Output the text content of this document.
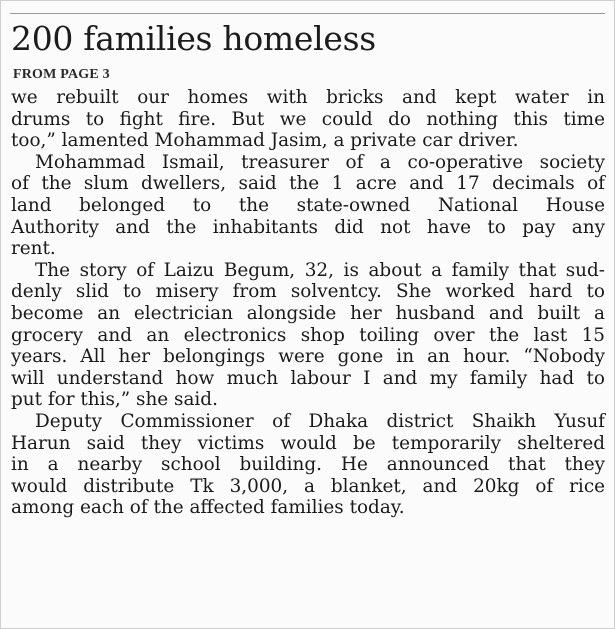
200 families homeless
FROM PAGE 3
we rebuilt our homes with bricks and kept water in
drums to fight fire. But we could do nothing this time
too,” lamented Mohammad Jasim, a private car driver.
Mohammad Ismail, treasurer of a co-operative society
of the slum dwellers, said the 1 acre and 17 decimals of
land belonged to the state-owned National House
Authority and the inhabitants did not have to pay any
rent.
The story of Laizu Begum, 32, is about a family that sud-
denly slid to misery from solventcy. She worked hard to
become an electrician alongside her husband and built a
grocery and an electronics shop toiling over the last 15
years. All her belongings were gone in an hour. “Nobody
will understand how much labour I and my family had to
put for this,” she said.
Deputy Commissioner of Dhaka district Shaikh Yusuf
Harun said they victims would be temporarily sheltered
in a nearby school building. He announced that they
would distribute Tk 3,000, a blanket, and 20kg of rice
among each of the affected families today.
